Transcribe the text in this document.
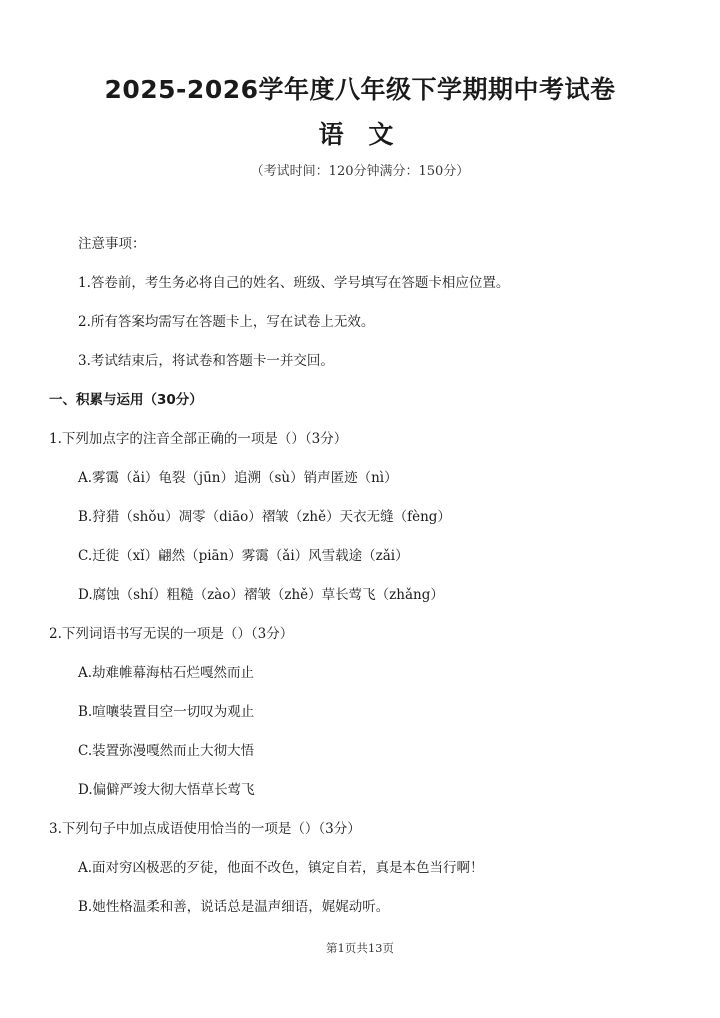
2025-2026学年度八年级下学期期中考试卷
语 文
（考试时间：120分钟满分：150分）
注意事项：
1.答卷前，考生务必将自己的姓名、班级、学号填写在答题卡相应位置。
2.所有答案均需写在答题卡上，写在试卷上无效。
3.考试结束后，将试卷和答题卡一并交回。
一、积累与运用（30分）
1.下列加点字的注音全部正确的一项是（）（3分）
A.雾霭（ǎi）龟裂（jūn）追溯（sù）销声匿迹（nì）
B.狩猎（shǒu）凋零（diāo）褶皱（zhě）天衣无缝（fèng）
C.迁徙（xǐ）翩然（piān）雾霭（ǎi）风雪载途（zǎi）
D.腐蚀（shí）粗糙（zào）褶皱（zhě）草长莺飞（zhǎng）
2.下列词语书写无误的一项是（）（3分）
A.劫难帷幕海枯石烂嘎然而止
B.喧嚷装置目空一切叹为观止
C.装置弥漫嘎然而止大彻大悟
D.偏僻严竣大彻大悟草长莺飞
3.下列句子中加点成语使用恰当的一项是（）（3分）
A.面对穷凶极恶的歹徒，他面不改色，镇定自若，真是本色当行啊！
B.她性格温柔和善，说话总是温声细语，娓娓动听。
第1页共13页
